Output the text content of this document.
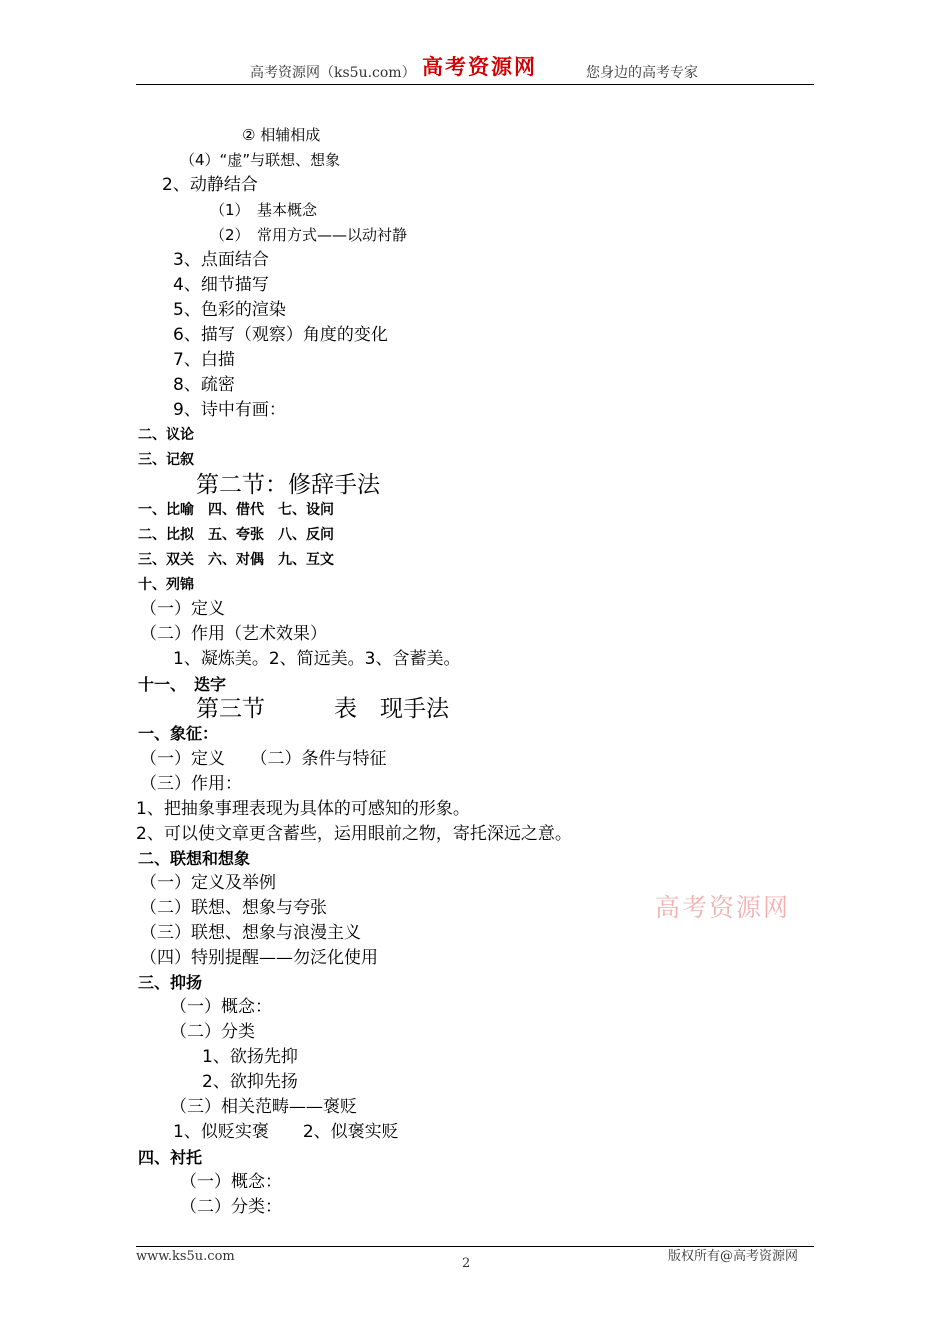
高考资源网（ks5u.com） 高考资源网	您身边的高考专家
② 相辅相成
（4）“虚”与联想、想象
2、动静结合
（1）　基本概念
（2）　常用方式——以动衬静
3、点面结合
4、细节描写
5、色彩的渲染
6、描写（观察）角度的变化
7、白描
8、疏密
9、诗中有画：
二、议论
三、记叙
第二节：修辞手法
一、比喻　四、借代　七、设问
二、比拟　五、夸张　八、反问
三、双关　六、对偶　九、互文
十、列锦
（一）定义
（二）作用（艺术效果）
1、凝炼美。2、简远美。3、含蓄美。
十一、　迭字
第三节　　　表　现手法
一、象征：
（一）定义　　（二）条件与特征
（三）作用：
1、把抽象事理表现为具体的可感知的形象。
2、可以使文章更含蓄些，运用眼前之物，寄托深远之意。
二、联想和想象
（一）定义及举例
（二）联想、想象与夸张
（三）联想、想象与浪漫主义
（四）特别提醒——勿泛化使用
三、抑扬
（一）概念：
（二）分类
1、欲扬先抑
2、欲抑先扬
（三）相关范畴——褒贬
1、似贬实褒　　2、似褒实贬
四、衬托
（一）概念：
（二）分类：
高考资源网
www.ks5u.com	2	版权所有@高考资源网
